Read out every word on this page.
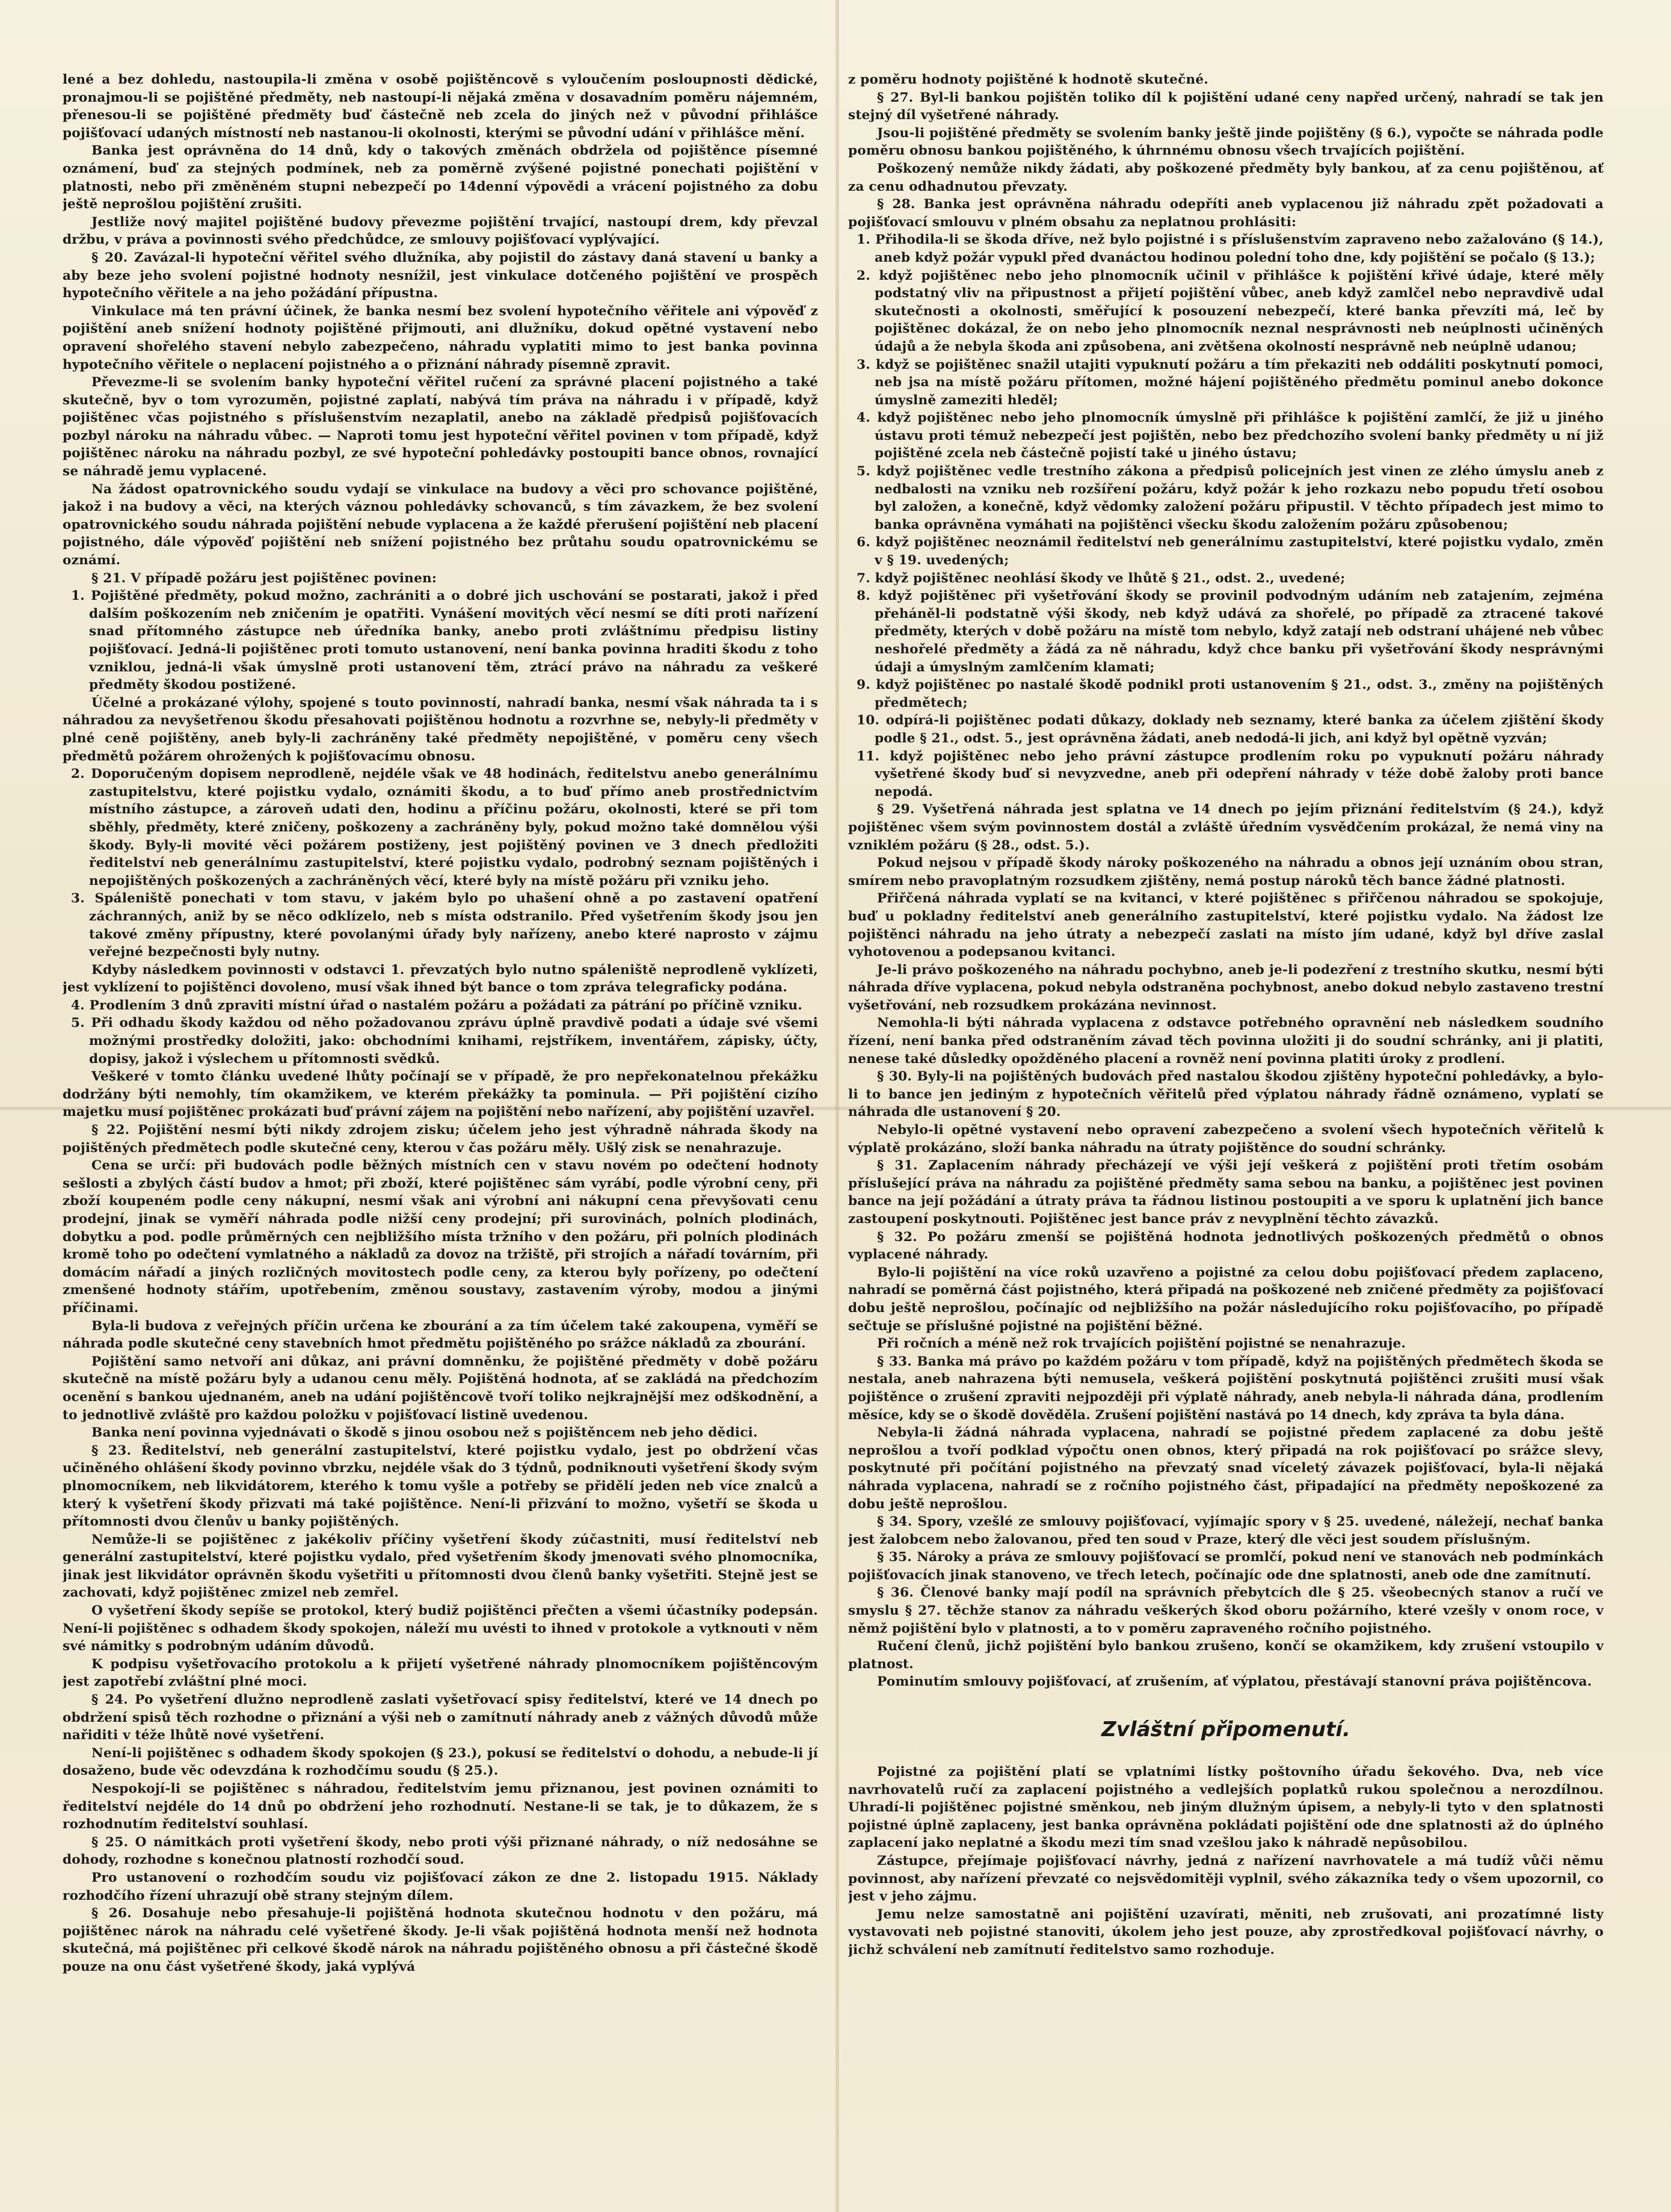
lené a bez dohledu, nastoupila-li změna v osobě pojištěncově s vyloučením posloupnosti dědické, pronajmou-li se pojištěné předměty, neb nastoupí-li nějaká změna v dosavadním poměru nájemném, přenesou-li se pojištěné předměty buď částečně neb zcela do jiných než v původní přihlášce pojišťovací udaných místností neb nastanou-li okolnosti, kterými se původní udání v přihlášce mění.

Banka jest oprávněna do 14 dnů, kdy o takových změnách obdržela od pojištěnce písemné oznámení, buď za stejných podmínek, neb za poměrně zvýšené pojistné ponechati pojištění v platnosti, nebo při změněném stupni nebezpečí po 14denní výpovědi a vrácení pojistného za dobu ještě neprošlou pojištění zrušiti.

Jestliže nový majitel pojištěné budovy převezme pojištění trvající, nastoupí drem, kdy převzal držbu, v práva a povinnosti svého předchůdce, ze smlouvy pojišťovací vyplývající.

§ 20. Zavázal-li hypoteční věřitel svého dlužníka, aby pojistil do zástavy daná stavení u banky a aby beze jeho svolení pojistné hodnoty nesnížil, jest vinkulace dotčeného pojištění ve prospěch hypotečního věřitele a na jeho požádání přípustna.

Vinkulace má ten právní účinek, že banka nesmí bez svolení hypotečního věřitele ani výpověď z pojištění aneb snížení hodnoty pojištěné přijmouti, ani dlužníku, dokud opětné vystavení nebo opravení shořelého stavení nebylo zabezpečeno, náhradu vyplatiti mimo to jest banka povinna hypotečního věřitele o neplacení pojistného a o přiznání náhrady písemně zpravit.

Převezme-li se svolením banky hypoteční věřitel ručení za správné placení pojistného a také skutečně, byv o tom vyrozuměn, pojistné zaplatí, nabývá tím práva na náhradu i v případě, když pojištěnec včas pojistného s příslušenstvím nezaplatil, anebo na základě předpisů pojišťovacích pozbyl nároku na náhradu vůbec. — Naproti tomu jest hypoteční věřitel povinen v tom případě, když pojištěnec nároku na náhradu pozbyl, ze své hypoteční pohledávky postoupiti bance obnos, rovnající se náhradě jemu vyplacené.

Na žádost opatrovnického soudu vydají se vinkulace na budovy a věci pro schovance pojištěné, jakož i na budovy a věci, na kterých váznou pohledávky schovanců, s tím závazkem, že bez svolení opatrovnického soudu náhrada pojištění nebude vyplacena a že každé přerušení pojištění neb placení pojistného, dále výpověď pojištění neb snížení pojistného bez průtahu soudu opatrovnickému se oznámí.

§ 21. V případě požáru jest pojištěnec povinen:

1. Pojištěné předměty, pokud možno, zachrániti a o dobré jich uschování se postarati, jakož i před dalším poškozením neb zničením je opatřiti. Vynášení movitých věcí nesmí se díti proti nařízení snad přítomného zástupce neb úředníka banky, anebo proti zvláštnímu předpisu listiny pojišťovací. Jedná-li pojištěnec proti tomuto ustanovení, není banka povinna hraditi škodu z toho vzniklou, jedná-li však úmyslně proti ustanovení těm, ztrácí právo na náhradu za veškeré předměty škodou postižené.

Účelné a prokázané výlohy, spojené s touto povinností, nahradí banka, nesmí však náhrada ta i s náhradou za nevyšetřenou škodu přesahovati pojištěnou hodnotu a rozvrhne se, nebyly-li předměty v plné ceně pojištěny, aneb byly-li zachráněny také předměty nepojištěné, v poměru ceny všech předmětů požárem ohrožených k pojišťovacímu obnosu.

2. Doporučeným dopisem neprodleně, nejdéle však ve 48 hodinách, ředitelstvu anebo generálnímu zastupitelstvu, které pojistku vydalo, oznámiti škodu, a to buď přímo aneb prostřednictvím místního zástupce, a zároveň udati den, hodinu a příčinu požáru, okolnosti, které se při tom sběhly, předměty, které zničeny, poškozeny a zachráněny byly, pokud možno také domnělou výši škody. Byly-li movité věci požárem postiženy, jest pojištěný povinen ve 3 dnech předložiti ředitelství neb generálnímu zastupitelství, které pojistku vydalo, podrobný seznam pojištěných i nepojištěných poškozených a zachráněných věcí, které byly na místě požáru při vzniku jeho.

3. Spáleniště ponechati v tom stavu, v jakém bylo po uhašení ohně a po zastavení opatření záchranných, aniž by se něco odklízelo, neb s místa odstranilo. Před vyšetřením škody jsou jen takové změny přípustny, které povolanými úřady byly nařízeny, anebo které naprosto v zájmu veřejné bezpečnosti byly nutny.

Kdyby následkem povinnosti v odstavci 1. převzatých bylo nutno spáleniště neprodleně vyklízeti, jest vyklízení to pojištěnci dovoleno, musí však ihned být bance o tom zpráva telegraficky podána.

4. Prodlením 3 dnů zpraviti místní úřad o nastalém požáru a požádati za pátrání po příčině vzniku.

5. Při odhadu škody každou od něho požadovanou zprávu úplně pravdivě podati a údaje své všemi možnými prostředky doložiti, jako: obchodními knihami, rejstříkem, inventářem, zápisky, účty, dopisy, jakož i výslechem u přítomnosti svědků.

Veškeré v tomto článku uvedené lhůty počínají se v případě, že pro nepřekonatelnou překážku dodržány býti nemohly, tím okamžikem, ve kterém překážky ta pominula. — Při pojištění cizího majetku musí pojištěnec prokázati buď právní zájem na pojištění nebo nařízení, aby pojištění uzavřel.

§ 22. Pojištění nesmí býti nikdy zdrojem zisku; účelem jeho jest výhradně náhrada škody na pojištěných předmětech podle skutečné ceny, kterou v čas požáru měly. Ušlý zisk se nenahrazuje.

Cena se určí: při budovách podle běžných místních cen v stavu novém po odečtení hodnoty sešlosti a zbylých částí budov a hmot; při zboží, které pojištěnec sám vyrábí, podle výrobní ceny, při zboží koupeném podle ceny nákupní, nesmí však ani výrobní ani nákupní cena převyšovati cenu prodejní, jinak se vyměří náhrada podle nižší ceny prodejní; při surovinách, polních plodinách, dobytku a pod. podle průměrných cen nejbližšího místa tržního v den požáru, při polních plodinách kromě toho po odečtení vymlatného a nákladů za dovoz na tržiště, při strojích a nářadí továrním, při domácím nářadí a jiných rozličných movitostech podle ceny, za kterou byly pořízeny, po odečtení zmenšené hodnoty stářím, upotřebením, změnou soustavy, zastavením výroby, modou a jinými příčinami.

Byla-li budova z veřejných příčin určena ke zbourání a za tím účelem také zakoupena, vyměří se náhrada podle skutečné ceny stavebních hmot předmětu pojištěného po srážce nákladů za zbourání.

Pojištění samo netvoří ani důkaz, ani právní domněnku, že pojištěné předměty v době požáru skutečně na místě požáru byly a udanou cenu měly. Pojištěná hodnota, ať se zakládá na předchozím ocenění s bankou ujednaném, aneb na udání pojištěncově tvoří toliko nejkrajnější mez odškodnění, a to jednotlivě zvláště pro každou položku v pojišťovací listině uvedenou.

Banka není povinna vyjednávati o škodě s jinou osobou než s pojištěncem neb jeho dědici.

§ 23. Ředitelství, neb generální zastupitelství, které pojistku vydalo, jest po obdržení včas učiněného ohlášení škody povinno vbrzku, nejdéle však do 3 týdnů, podniknouti vyšetření škody svým plnomocníkem, neb likvidátorem, kterého k tomu vyšle a potřeby se přidělí jeden neb více znalců a který k vyšetření škody přizvati má také pojištěnce. Není-li přizvání to možno, vyšetří se škoda u přítomnosti dvou členův u banky pojištěných.

Nemůže-li se pojištěnec z jakékoliv příčiny vyšetření škody zúčastniti, musí ředitelství neb generální zastupitelství, které pojistku vydalo, před vyšetřením škody jmenovati svého plnomocníka, jinak jest likvidátor oprávněn škodu vyšetřiti u přítomnosti dvou členů banky vyšetřiti. Stejně jest se zachovati, když pojištěnec zmizel neb zemřel.

O vyšetření škody sepíše se protokol, který budiž pojištěnci přečten a všemi účastníky podepsán. Není-li pojištěnec s odhadem škody spokojen, náleží mu uvésti to ihned v protokole a vytknouti v něm své námitky s podrobným udáním důvodů.

K podpisu vyšetřovacího protokolu a k přijetí vyšetřené náhrady plnomocníkem pojištěncovým jest zapotřebí zvláštní plné moci.

§ 24. Po vyšetření dlužno neprodleně zaslati vyšetřovací spisy ředitelství, které ve 14 dnech po obdržení spisů těch rozhodne o přiznání a výši neb o zamítnutí náhrady aneb z vážných důvodů může nařiditi v téže lhůtě nové vyšetření.

Není-li pojištěnec s odhadem škody spokojen (§ 23.), pokusí se ředitelství o dohodu, a nebude-li jí dosaženo, bude věc odevzdána k rozhodčímu soudu (§ 25.).

Nespokojí-li se pojištěnec s náhradou, ředitelstvím jemu přiznanou, jest povinen oznámiti to ředitelství nejdéle do 14 dnů po obdržení jeho rozhodnutí. Nestane-li se tak, je to důkazem, že s rozhodnutím ředitelství souhlasí.

§ 25. O námitkách proti vyšetření škody, nebo proti výši přiznané náhrady, o níž nedosáhne se dohody, rozhodne s konečnou platností rozhodčí soud.

Pro ustanovení o rozhodčím soudu viz pojišťovací zákon ze dne 2. listopadu 1915. Náklady rozhodčího řízení uhrazují obě strany stejným dílem.

§ 26. Dosahuje nebo přesahuje-li pojištěná hodnota skutečnou hodnotu v den požáru, má pojištěnec nárok na náhradu celé vyšetřené škody. Je-li však pojištěná hodnota menší než hodnota skutečná, má pojištěnec při celkové škodě nárok na náhradu pojištěného obnosu a při částečné škodě pouze na onu část vyšetřené škody, jaká vyplývá

z poměru hodnoty pojištěné k hodnotě skutečné.

§ 27. Byl-li bankou pojištěn toliko díl k pojištění udané ceny napřed určený, nahradí se tak jen stejný díl vyšetřené náhrady.

Jsou-li pojištěné předměty se svolením banky ještě jinde pojištěny (§ 6.), vypočte se náhrada podle poměru obnosu bankou pojištěného, k úhrnnému obnosu všech trvajících pojištění.

Poškozený nemůže nikdy žádati, aby poškozené předměty byly bankou, ať za cenu pojištěnou, ať za cenu odhadnutou převzaty.

§ 28. Banka jest oprávněna náhradu odepříti aneb vyplacenou již náhradu zpět požadovati a pojišťovací smlouvu v plném obsahu za neplatnou prohlásiti:

1. Přihodila-li se škoda dříve, než bylo pojistné i s příslušenstvím zapraveno nebo zažalováno (§ 14.), aneb když požár vypukl před dvanáctou hodinou polední toho dne, kdy pojištění se počalo (§ 13.);

2. když pojištěnec nebo jeho plnomocník učinil v přihlášce k pojištění křivé údaje, které měly podstatný vliv na připustnost a přijetí pojištění vůbec, aneb když zamlčel nebo nepravdivě udal skutečnosti a okolnosti, směřující k posouzení nebezpečí, které banka převzíti má, leč by pojištěnec dokázal, že on nebo jeho plnomocník neznal nesprávnosti neb neúplnosti učiněných údajů a že nebyla škoda ani způsobena, ani zvětšena okolností nesprávně neb neúplně udanou;

3. když se pojištěnec snažil utajiti vypuknutí požáru a tím překaziti neb oddáliti poskytnutí pomoci, neb jsa na místě požáru přítomen, možné hájení pojištěného předmětu pominul anebo dokonce úmyslně zameziti hleděl;

4. když pojištěnec nebo jeho plnomocník úmyslně při přihlášce k pojištění zamlčí, že již u jiného ústavu proti témuž nebezpečí jest pojištěn, nebo bez předchozího svolení banky předměty u ní již pojištěné zcela neb částečně pojistí také u jiného ústavu;

5. když pojištěnec vedle trestního zákona a předpisů policejních jest vinen ze zlého úmyslu aneb z nedbalosti na vzniku neb rozšíření požáru, když požár k jeho rozkazu nebo popudu třetí osobou byl založen, a konečně, když vědomky založení požáru připustil. V těchto případech jest mimo to banka oprávněna vymáhati na pojištěnci všecku škodu založením požáru způsobenou;

6. když pojištěnec neoznámil ředitelství neb generálnímu zastupitelství, které pojistku vydalo, změn v § 19. uvedených;

7. když pojištěnec neohlásí škody ve lhůtě § 21., odst. 2., uvedené;

8. když pojištěnec při vyšetřování škody se provinil podvodným udáním neb zatajením, zejména přeháněl-li podstatně výši škody, neb když udává za shořelé, po případě za ztracené takové předměty, kterých v době požáru na místě tom nebylo, když zatají neb odstraní uhájené neb vůbec neshořelé předměty a žádá za ně náhradu, když chce banku při vyšetřování škody nesprávnými údaji a úmyslným zamlčením klamati;

9. když pojištěnec po nastalé škodě podnikl proti ustanovením § 21., odst. 3., změny na pojištěných předmětech;

10. odpírá-li pojištěnec podati důkazy, doklady neb seznamy, které banka za účelem zjištění škody podle § 21., odst. 5., jest oprávněna žádati, aneb nedodá-li jich, ani když byl opětně vyzván;

11. když pojištěnec nebo jeho právní zástupce prodlením roku po vypuknutí požáru náhrady vyšetřené škody buď si nevyzvedne, aneb při odepření náhrady v téže době žaloby proti bance nepodá.

§ 29. Vyšetřená náhrada jest splatna ve 14 dnech po jejím přiznání ředitelstvím (§ 24.), když pojištěnec všem svým povinnostem dostál a zvláště úředním vysvědčením prokázal, že nemá viny na vzniklém požáru (§ 28., odst. 5.).

Pokud nejsou v případě škody nároky poškozeného na náhradu a obnos její uznáním obou stran, smírem nebo pravoplatným rozsudkem zjištěny, nemá postup nároků těch bance žádné platnosti.

Přiřčená náhrada vyplatí se na kvitanci, v které pojištěnec s přiřčenou náhradou se spokojuje, buď u pokladny ředitelství aneb generálního zastupitelství, které pojistku vydalo. Na žádost lze pojištěnci náhradu na jeho útraty a nebezpečí zaslati na místo jím udané, když byl dříve zaslal vyhotovenou a podepsanou kvitanci.

Je-li právo poškozeného na náhradu pochybno, aneb je-li podezření z trestního skutku, nesmí býti náhrada dříve vyplacena, pokud nebyla odstraněna pochybnost, anebo dokud nebylo zastaveno trestní vyšetřování, neb rozsudkem prokázána nevinnost.

Nemohla-li býti náhrada vyplacena z odstavce potřebného opravnění neb následkem soudního řízení, není banka před odstraněním závad těch povinna uložiti ji do soudní schránky, ani ji platiti, nenese také důsledky opožděného placení a rovněž není povinna platiti úroky z prodlení.

§ 30. Byly-li na pojištěných budovách před nastalou škodou zjištěny hypoteční pohledávky, a bylo-li to bance jen jediným z hypotečních věřitelů před výplatou náhrady řádně oznámeno, vyplatí se náhrada dle ustanovení § 20.

Nebylo-li opětné vystavení nebo opravení zabezpečeno a svolení všech hypotečních věřitelů k výplatě prokázáno, složí banka náhradu na útraty pojištěnce do soudní schránky.

§ 31. Zaplacením náhrady přecházejí ve výši její veškerá z pojištění proti třetím osobám příslušející práva na náhradu za pojištěné předměty sama sebou na banku, a pojištěnec jest povinen bance na její požádání a útraty práva ta řádnou listinou postoupiti a ve sporu k uplatnění jich bance zastoupení poskytnouti. Pojištěnec jest bance práv z nevyplnění těchto závazků.

§ 32. Po požáru zmenší se pojištěná hodnota jednotlivých poškozených předmětů o obnos vyplacené náhrady.

Bylo-li pojištění na více roků uzavřeno a pojistné za celou dobu pojišťovací předem zaplaceno, nahradí se poměrná část pojistného, která připadá na poškozené neb zničené předměty za pojišťovací dobu ještě neprošlou, počínajíc od nejbližšího na požár následujícího roku pojišťovacího, po případě sečtuje se příslušné pojistné na pojištění běžné.

Při ročních a méně než rok trvajících pojištění pojistné se nenahrazuje.

§ 33. Banka má právo po každém požáru v tom případě, když na pojištěných předmětech škoda se nestala, aneb nahrazena býti nemusela, veškerá pojištění poskytnutá pojištěnci zrušiti musí však pojištěnce o zrušení zpraviti nejpozději při výplatě náhrady, aneb nebyla-li náhrada dána, prodlením měsíce, kdy se o škodě dověděla. Zrušení pojištění nastává po 14 dnech, kdy zpráva ta byla dána.

Nebyla-li žádná náhrada vyplacena, nahradí se pojistné předem zaplacené za dobu ještě neprošlou a tvoří podklad výpočtu onen obnos, který připadá na rok pojišťovací po srážce slevy, poskytnuté při počítání pojistného na převzatý snad víceletý závazek pojišťovací, byla-li nějaká náhrada vyplacena, nahradí se z ročního pojistného část, připadající na předměty nepoškozené za dobu ještě neprošlou.

§ 34. Spory, vzešlé ze smlouvy pojišťovací, vyjímajíc spory v § 25. uvedené, náležejí, nechať banka jest žalobcem nebo žalovanou, před ten soud v Praze, který dle věci jest soudem příslušným.

§ 35. Nároky a práva ze smlouvy pojišťovací se promlčí, pokud není ve stanovách neb podmínkách pojišťovacích jinak stanoveno, ve třech letech, počínajíc ode dne splatnosti, aneb ode dne zamítnutí.

§ 36. Členové banky mají podíl na správních přebytcích dle § 25. všeobecných stanov a ručí ve smyslu § 27. těchže stanov za náhradu veškerých škod oboru požárního, které vzešly v onom roce, v němž pojištění bylo v platnosti, a to v poměru zapraveného ročního pojistného.

Ručení členů, jichž pojištění bylo bankou zrušeno, končí se okamžikem, kdy zrušení vstoupilo v platnost.

Pominutím smlouvy pojišťovací, ať zrušením, ať výplatou, přestávají stanovní práva pojištěncova.

Zvláštní připomenutí.

Pojistné za pojištění platí se vplatními lístky poštovního úřadu šekového. Dva, neb více navrhovatelů ručí za zaplacení pojistného a vedlejších poplatků rukou společnou a nerozdílnou. Uhradí-li pojištěnec pojistné směnkou, neb jiným dlužným úpisem, a nebyly-li tyto v den splatnosti pojistné úplně zaplaceny, jest banka oprávněna pokládati pojištění ode dne splatnosti až do úplného zaplacení jako neplatné a škodu mezi tím snad vzešlou jako k náhradě nepůsobilou.

Zástupce, přejímaje pojišťovací návrhy, jedná z nařízení navrhovatele a má tudíž vůči němu povinnost, aby nařízení převzaté co nejsvědomitěji vyplnil, svého zákazníka tedy o všem upozornil, co jest v jeho zájmu.

Jemu nelze samostatně ani pojištění uzavírati, měniti, neb zrušovati, ani prozatímné listy vystavovati neb pojistné stanoviti, úkolem jeho jest pouze, aby zprostředkoval pojišťovací návrhy, o jichž schválení neb zamítnutí ředitelstvo samo rozhoduje.
